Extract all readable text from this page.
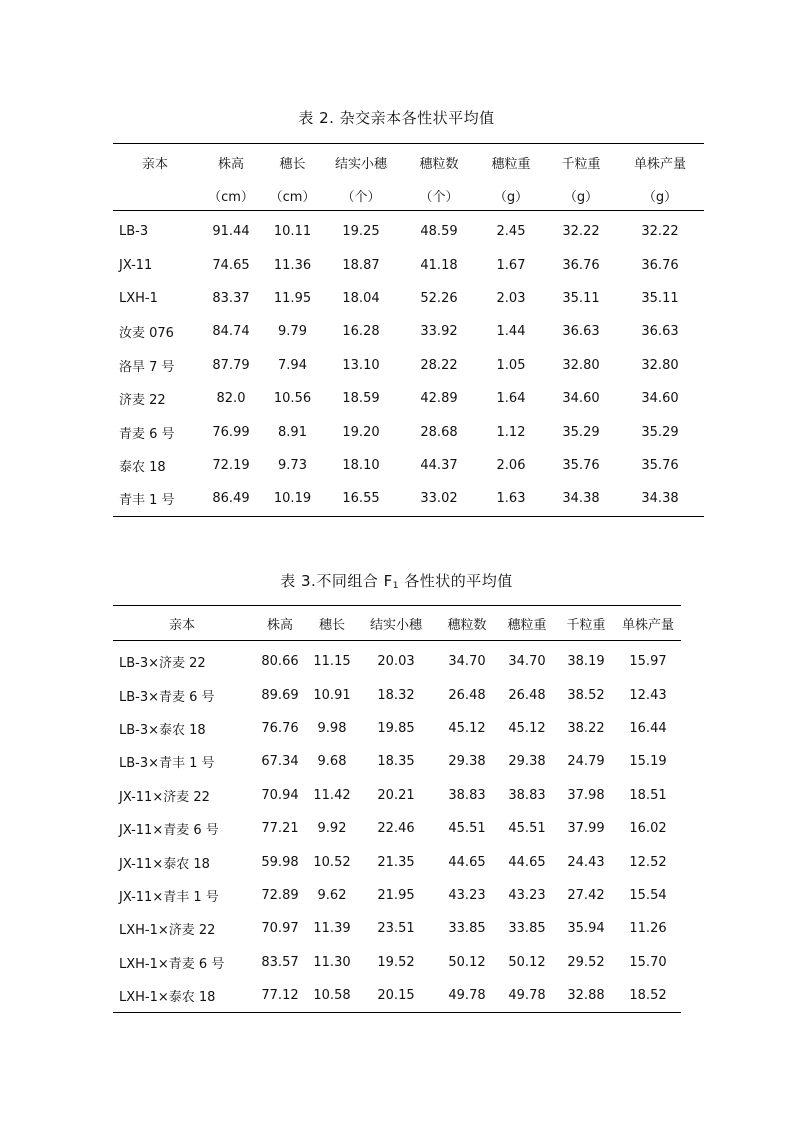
表 2. 杂交亲本各性状平均值
亲本	株高	穗长	结实小穗	穗粒数	穗粒重	千粒重	单株产量
	（cm）	（cm）	（个）	（个）	（g）	（g）	（g）
LB-3	91.44	10.11	19.25	48.59	2.45	32.22	32.22
JX-11	74.65	11.36	18.87	41.18	1.67	36.76	36.76
LXH-1	83.37	11.95	18.04	52.26	2.03	35.11	35.11
汝麦 076	84.74	9.79	16.28	33.92	1.44	36.63	36.63
洛旱 7 号	87.79	7.94	13.10	28.22	1.05	32.80	32.80
济麦 22	82.0	10.56	18.59	42.89	1.64	34.60	34.60
青麦 6 号	76.99	8.91	19.20	28.68	1.12	35.29	35.29
泰农 18	72.19	9.73	18.10	44.37	2.06	35.76	35.76
青丰 1 号	86.49	10.19	16.55	33.02	1.63	34.38	34.38
表 3.不同组合 $F_1$ 各性状的平均值
亲本	株高	穗长	结实小穗	穗粒数	穗粒重	千粒重	单株产量
LB-3×济麦 22	80.66	11.15	20.03	34.70	34.70	38.19	15.97
LB-3×青麦 6 号	89.69	10.91	18.32	26.48	26.48	38.52	12.43
LB-3×泰农 18	76.76	9.98	19.85	45.12	45.12	38.22	16.44
LB-3×青丰 1 号	67.34	9.68	18.35	29.38	29.38	24.79	15.19
JX-11×济麦 22	70.94	11.42	20.21	38.83	38.83	37.98	18.51
JX-11×青麦 6 号	77.21	9.92	22.46	45.51	45.51	37.99	16.02
JX-11×泰农 18	59.98	10.52	21.35	44.65	44.65	24.43	12.52
JX-11×青丰 1 号	72.89	9.62	21.95	43.23	43.23	27.42	15.54
LXH-1×济麦 22	70.97	11.39	23.51	33.85	33.85	35.94	11.26
LXH-1×青麦 6 号	83.57	11.30	19.52	50.12	50.12	29.52	15.70
LXH-1×泰农 18	77.12	10.58	20.15	49.78	49.78	32.88	18.52
